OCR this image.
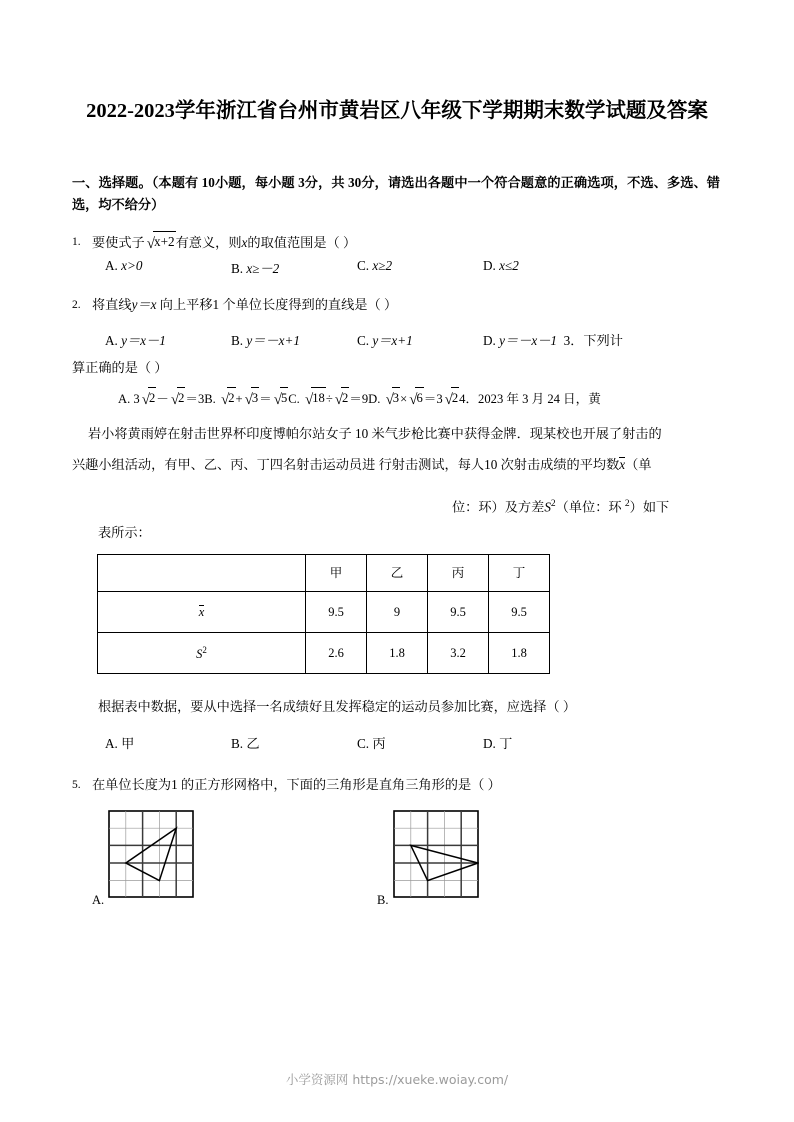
2022-2023学年浙江省台州市黄岩区八年级下学期期末数学试题及答案
一、选择题。（本题有 10小题，每小题 3分，共 30分，请选出各题中一个符合题意的正确选项，不选、多选、错选，均不给分）
1. 要使式子 √x+2有意义，则x的取值范围是（ ）
A. x>0	B. x≥－2	C. x≥2	D. x≤2
2. 将直线y＝x 向上平移1 个单位长度得到的直线是（ ）
A. y＝x－1	B. y＝－x+1	C. y＝x+1	D. y＝－x－1 3．下列计
算正确的是（ ）
A. 3 √2－ √2＝3B. √2+ √3＝ √5C. √18÷ √2＝9D. √3× √6＝3 √24．2023 年 3 月 24 日，黄
岩小将黄雨婷在射击世界杯印度博帕尔站女子 10 米气步枪比赛中获得金牌．现某校也开展了射击的
兴趣小组活动，有甲、乙、丙、丁四名射击运动员进 行射击测试，每人10 次射击成绩的平均数x（单
位：环）及方差$S^2$（单位：环 $^2$）如下
表所示：
	甲	乙	丙	丁
x	9.5	9	9.5	9.5
$S^2$	2.6	1.8	3.2	1.8
根据表中数据，要从中选择一名成绩好且发挥稳定的运动员参加比赛，应选择（ ）
A. 甲	B. 乙	C. 丙	D. 丁
5. 在单位长度为1 的正方形网格中，下面的三角形是直角三角形的是（ ）
A.	B.
小学资源网 https://xueke.woiay.com/
